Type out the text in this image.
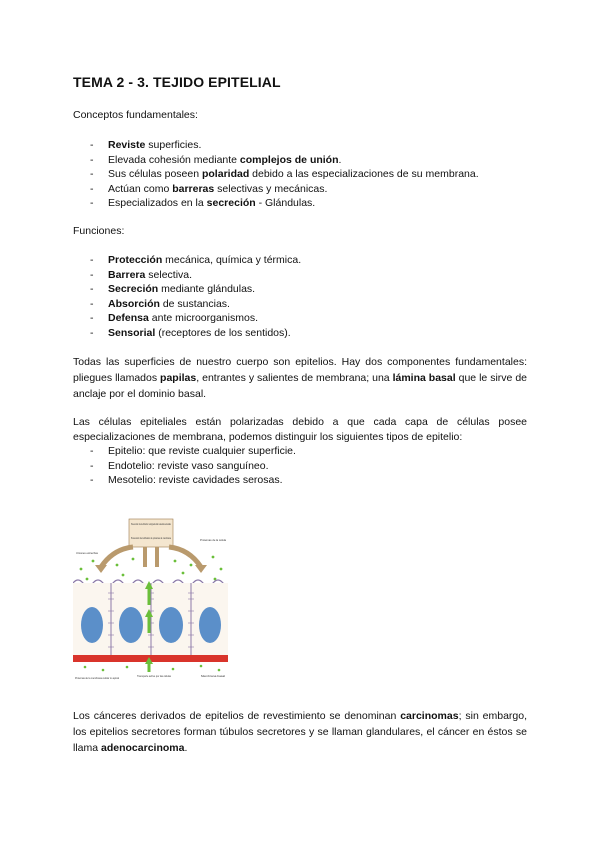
TEMA 2 - 3. TEJIDO EPITELIAL

Conceptos fundamentales:

- Reviste superficies.
- Elevada cohesión mediante complejos de unión.
- Sus células poseen polaridad debido a las especializaciones de su membrana.
- Actúan como barreras selectivas y mecánicas.
- Especializados en la secreción - Glándulas.

Funciones:

- Protección mecánica, química y térmica.
- Barrera selectiva.
- Secreción mediante glándulas.
- Absorción de sustancias.
- Defensa ante microorganismos.
- Sensorial (receptores de los sentidos).

Todas las superficies de nuestro cuerpo son epitelios. Hay dos componentes fundamentales: pliegues llamados papilas, entrantes y salientes de membrana; una lámina basal que le sirve de anclaje por el dominio basal.

Las células epiteliales están polarizadas debido a que cada capa de células posee especializaciones de membrana, podemos distinguir los siguientes tipos de epitelio:

- Epitelio: que reviste cualquier superficie.
- Endotelio: reviste vaso sanguíneo.
- Mesotelio: reviste cavidades serosas.
Prevención de la difusión retrógrada del material secretado
Prevención de la difusión de proteínas de membrana
Uniones estrechas
Proteínas de la célula
Proteínas de la membrana celular no apical	Transporte activo por las células	Membrana basal

Los cánceres derivados de epitelios de revestimiento se denominan carcinomas; sin embargo, los epitelios secretores forman túbulos secretores y se llaman glandulares, el cáncer en éstos se llama adenocarcinoma.
